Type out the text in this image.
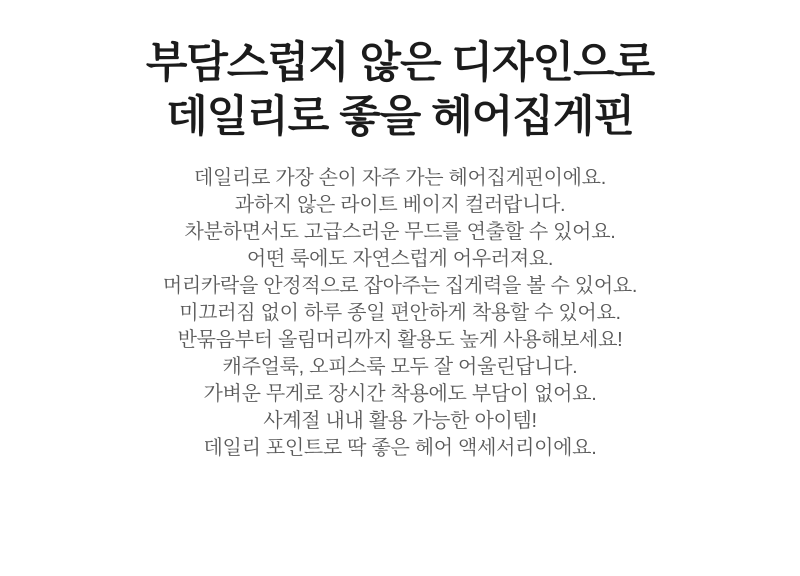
부담스럽지 않은 디자인으로
데일리로 좋을 헤어집게핀
데일리로 가장 손이 자주 가는 헤어집게핀이에요.
과하지 않은 라이트 베이지 컬러랍니다.
차분하면서도 고급스러운 무드를 연출할 수 있어요.
어떤 룩에도 자연스럽게 어우러져요.
머리카락을 안정적으로 잡아주는 집게력을 볼 수 있어요.
미끄러짐 없이 하루 종일 편안하게 착용할 수 있어요.
반묶음부터 올림머리까지 활용도 높게 사용해보세요!
캐주얼룩, 오피스룩 모두 잘 어울린답니다.
가벼운 무게로 장시간 착용에도 부담이 없어요.
사계절 내내 활용 가능한 아이템!
데일리 포인트로 딱 좋은 헤어 액세서리이에요.
